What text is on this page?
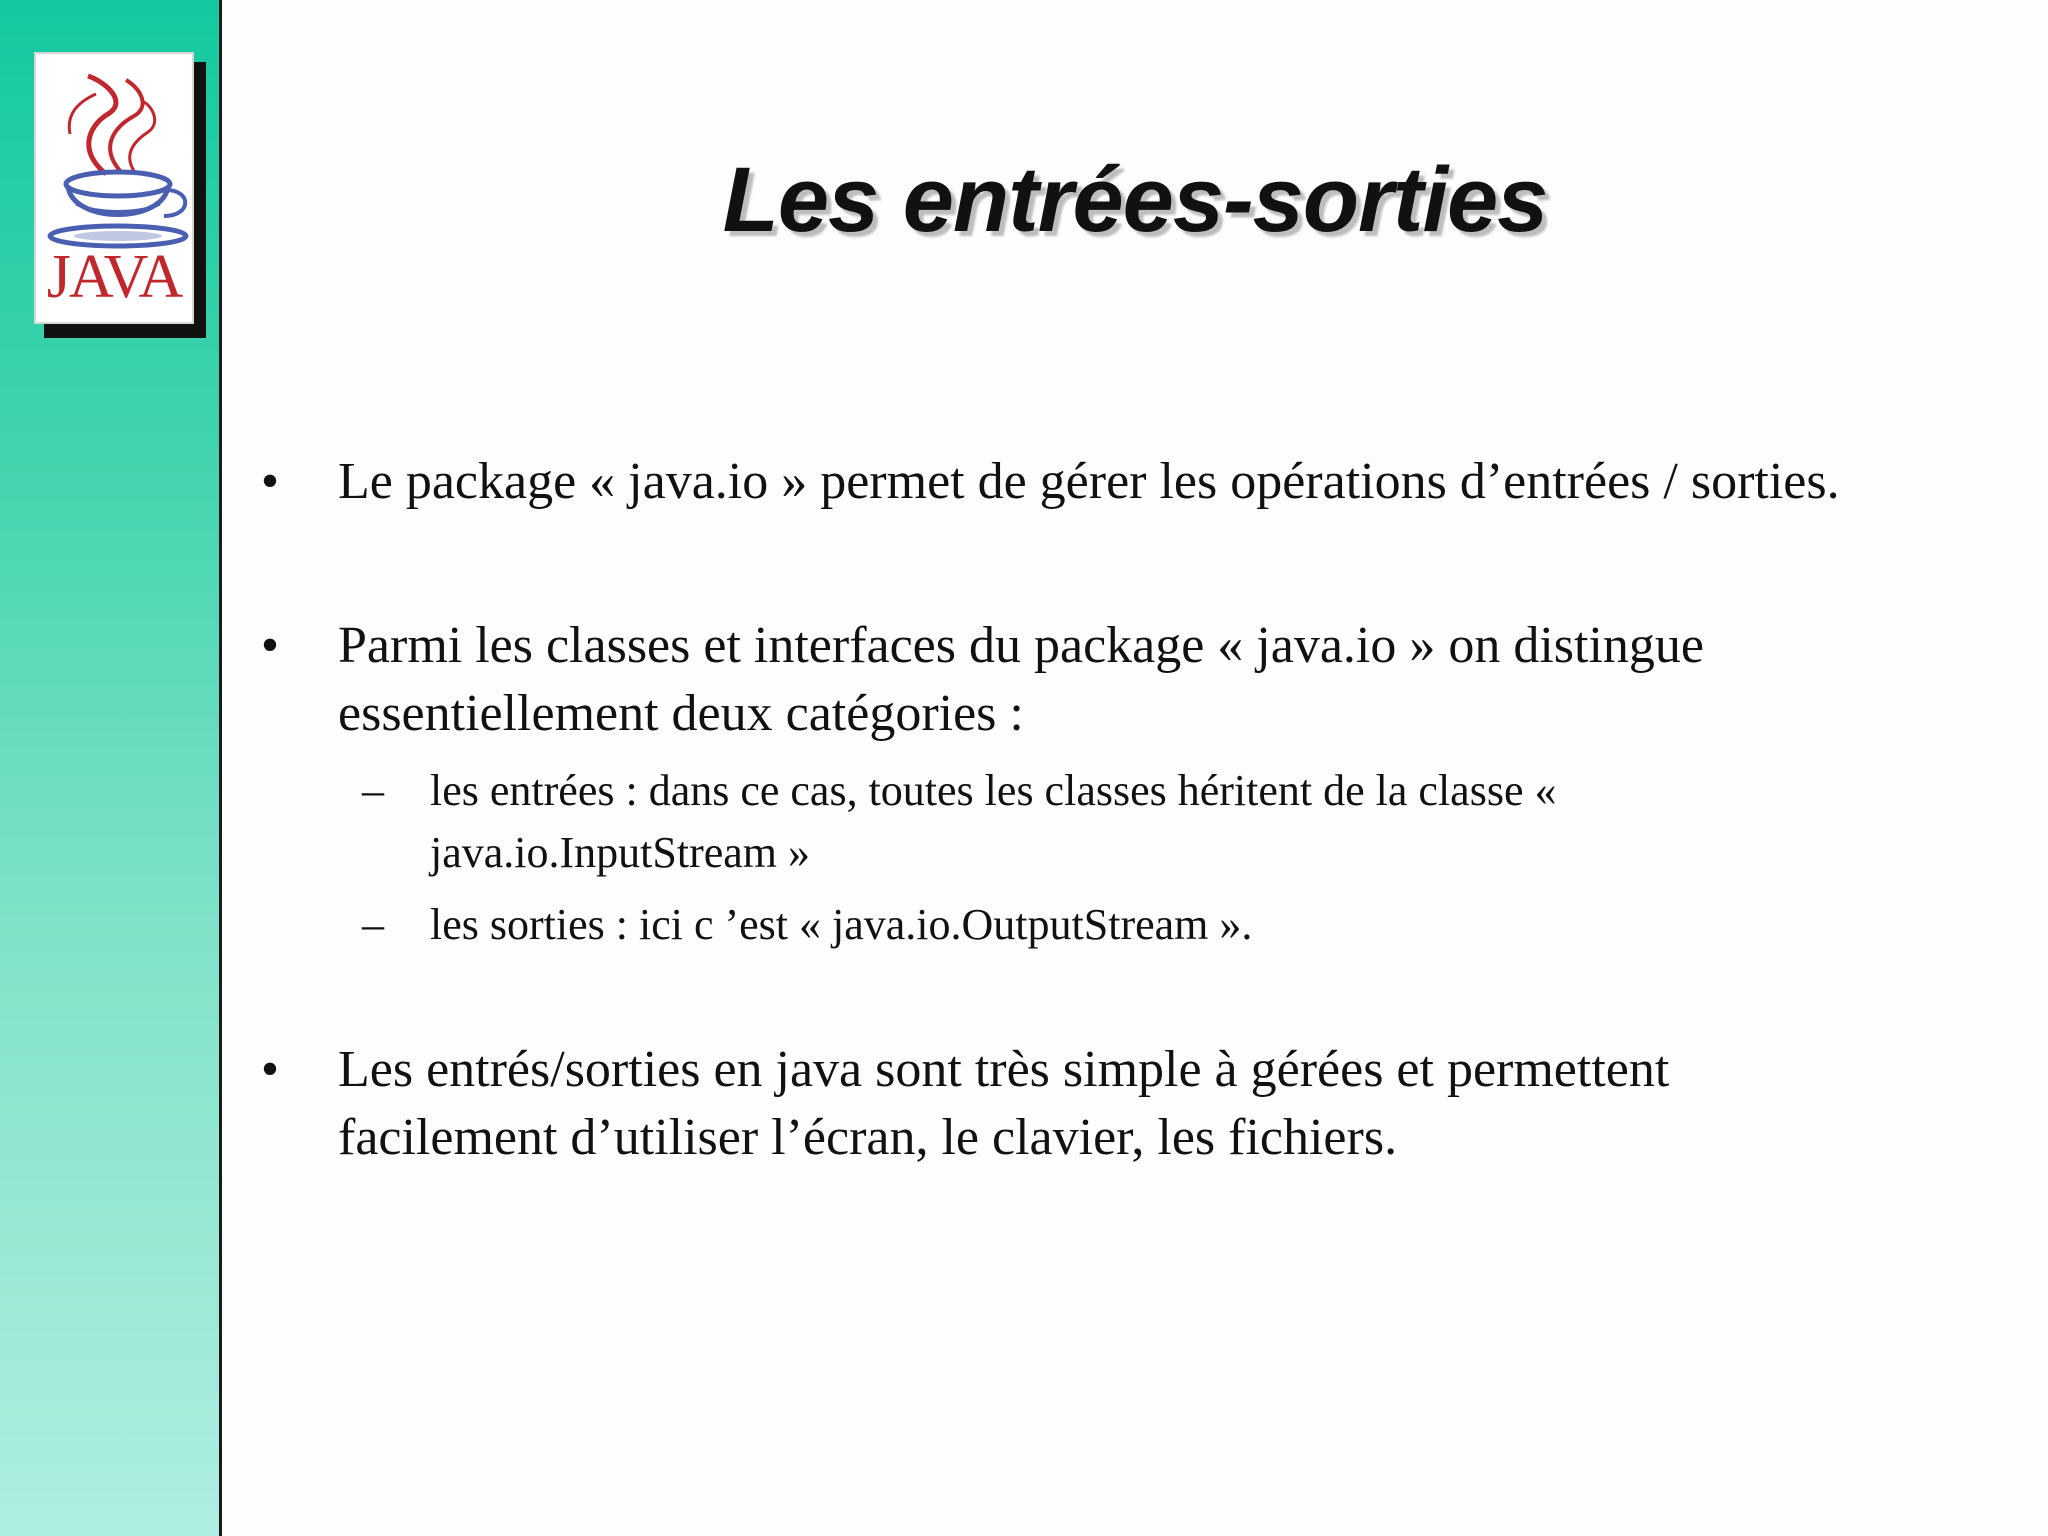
JAVA
Les entrées-sorties
• Le package « java.io » permet de gérer les opérations d’entrées / sorties.
• Parmi les classes et interfaces du package « java.io » on distingue essentiellement deux catégories :
– les entrées : dans ce cas, toutes les classes héritent de la classe « java.io.InputStream »
– les sorties : ici c ’est « java.io.OutputStream ».
• Les entrés/sorties en java sont très simple à gérées et permettent facilement d’utiliser l’écran, le clavier, les fichiers.
